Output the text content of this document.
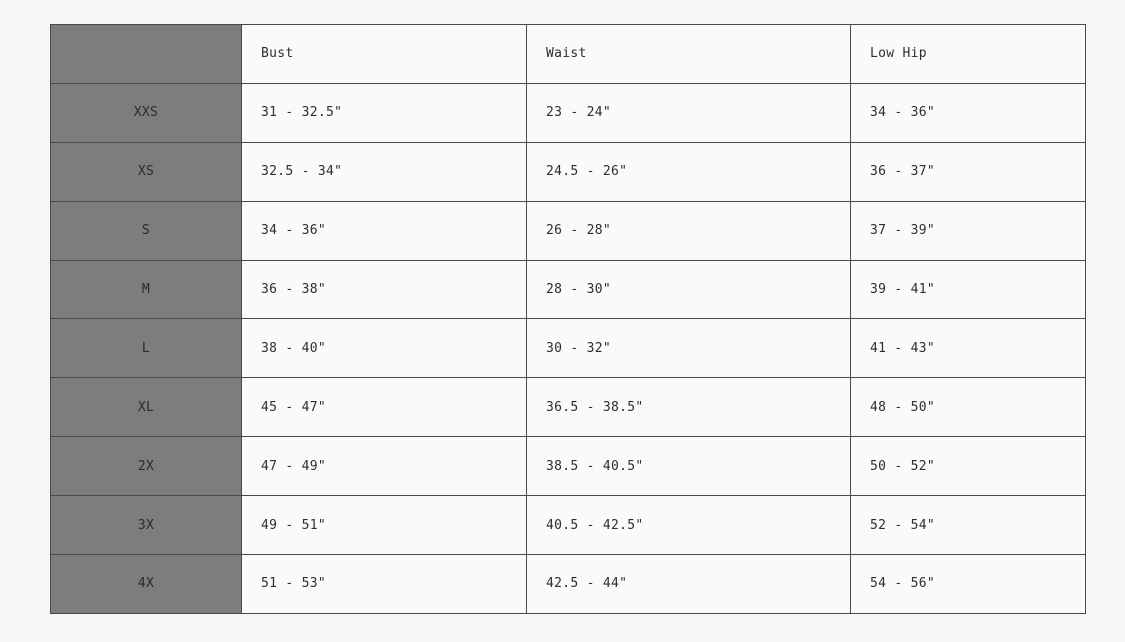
	Bust	Waist	Low Hip
XXS	31 - 32.5"	23 - 24"	34 - 36"
XS	32.5 - 34"	24.5 - 26"	36 - 37"
S	34 - 36"	26 - 28"	37 - 39"
M	36 - 38"	28 - 30"	39 - 41"
L	38 - 40"	30 - 32"	41 - 43"
XL	45 - 47"	36.5 - 38.5"	48 - 50"
2X	47 - 49"	38.5 - 40.5"	50 - 52"
3X	49 - 51"	40.5 - 42.5"	52 - 54"
4X	51 - 53"	42.5 - 44"	54 - 56"
